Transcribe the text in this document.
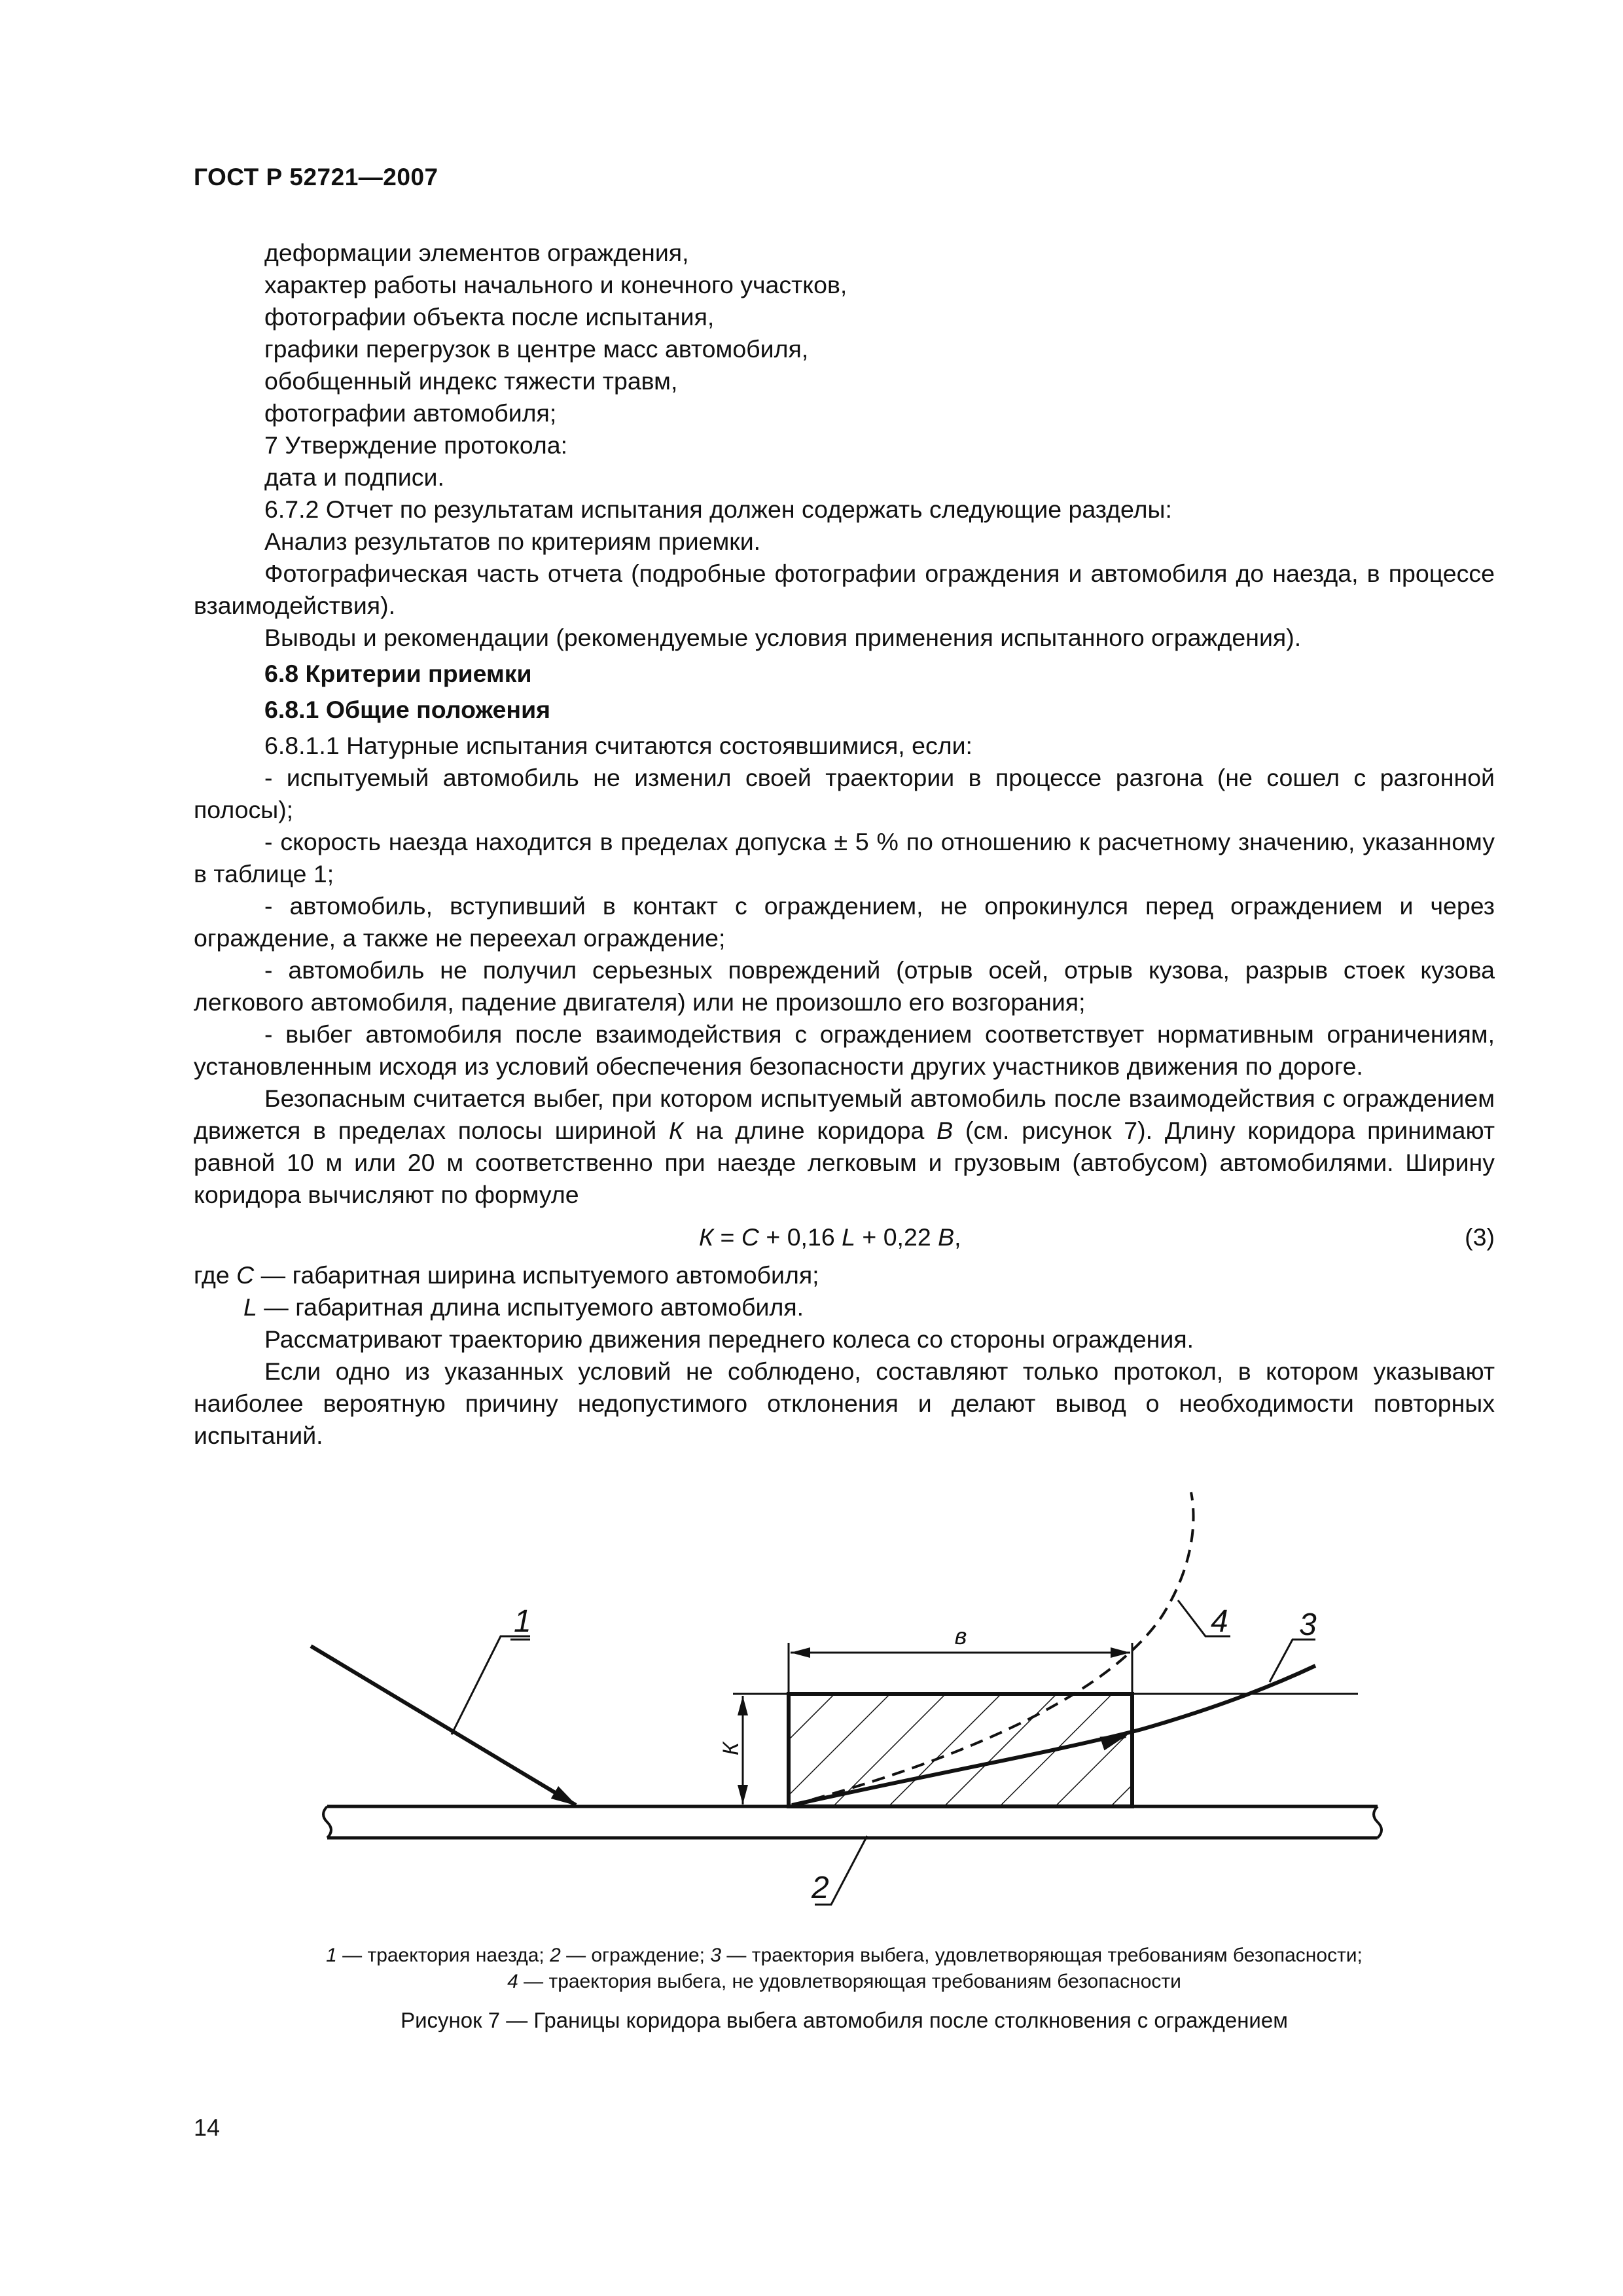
ГОСТ Р 52721—2007

деформации элементов ограждения,

характер работы начального и конечного участков,

фотографии объекта после испытания,

графики перегрузок в центре масс автомобиля,

обобщенный индекс тяжести травм,

фотографии автомобиля;

7 Утверждение протокола:

дата и подписи.

6.7.2 Отчет по результатам испытания должен содержать следующие разделы:

Анализ результатов по критериям приемки.

Фотографическая часть отчета (подробные фотографии ограждения и автомобиля до наезда, в процессе взаимодействия).

Выводы и рекомендации (рекомендуемые условия применения испытанного ограждения).

6.8 Критерии приемки

6.8.1 Общие положения

6.8.1.1 Натурные испытания считаются состоявшимися, если:

- испытуемый автомобиль не изменил своей траектории в процессе разгона (не сошел с разгонной полосы);

- скорость наезда находится в пределах допуска ± 5 % по отношению к расчетному значению, указанному в таблице 1;

- автомобиль, вступивший в контакт с ограждением, не опрокинулся перед ограждением и через ограждение, а также не переехал ограждение;

- автомобиль не получил серьезных повреждений (отрыв осей, отрыв кузова, разрыв стоек кузова легкового автомобиля, падение двигателя) или не произошло его возгорания;

- выбег автомобиля после взаимодействия с ограждением соответствует нормативным ограничениям, установленным исходя из условий обеспечения безопасности других участников движения по дороге.

Безопасным считается выбег, при котором испытуемый автомобиль после взаимодействия с ограждением движется в пределах полосы шириной К на длине коридора В (см. рисунок 7). Длину коридора принимают равной 10 м или 20 м соответственно при наезде легковым и грузовым (автобусом) автомобилями. Ширину коридора вычисляют по формуле

К = С + 0,16 L + 0,22 В,	(3)

где С — габаритная ширина испытуемого автомобиля;

L — габаритная длина испытуемого автомобиля.

Рассматривают траекторию движения переднего колеса со стороны ограждения.

Если одно из указанных условий не соблюдено, составляют только протокол, в котором указывают наиболее вероятную причину недопустимого отклонения и делают вывод о необходимости повторных испытаний.

в
К
1
2
3
4
1 — траектория наезда; 2 — ограждение; 3 — траектория выбега, удовлетворяющая требованиям безопасности;
4 — траектория выбега, не удовлетворяющая требованиям безопасности
Рисунок 7 — Границы коридора выбега автомобиля после столкновения с ограждением
14
